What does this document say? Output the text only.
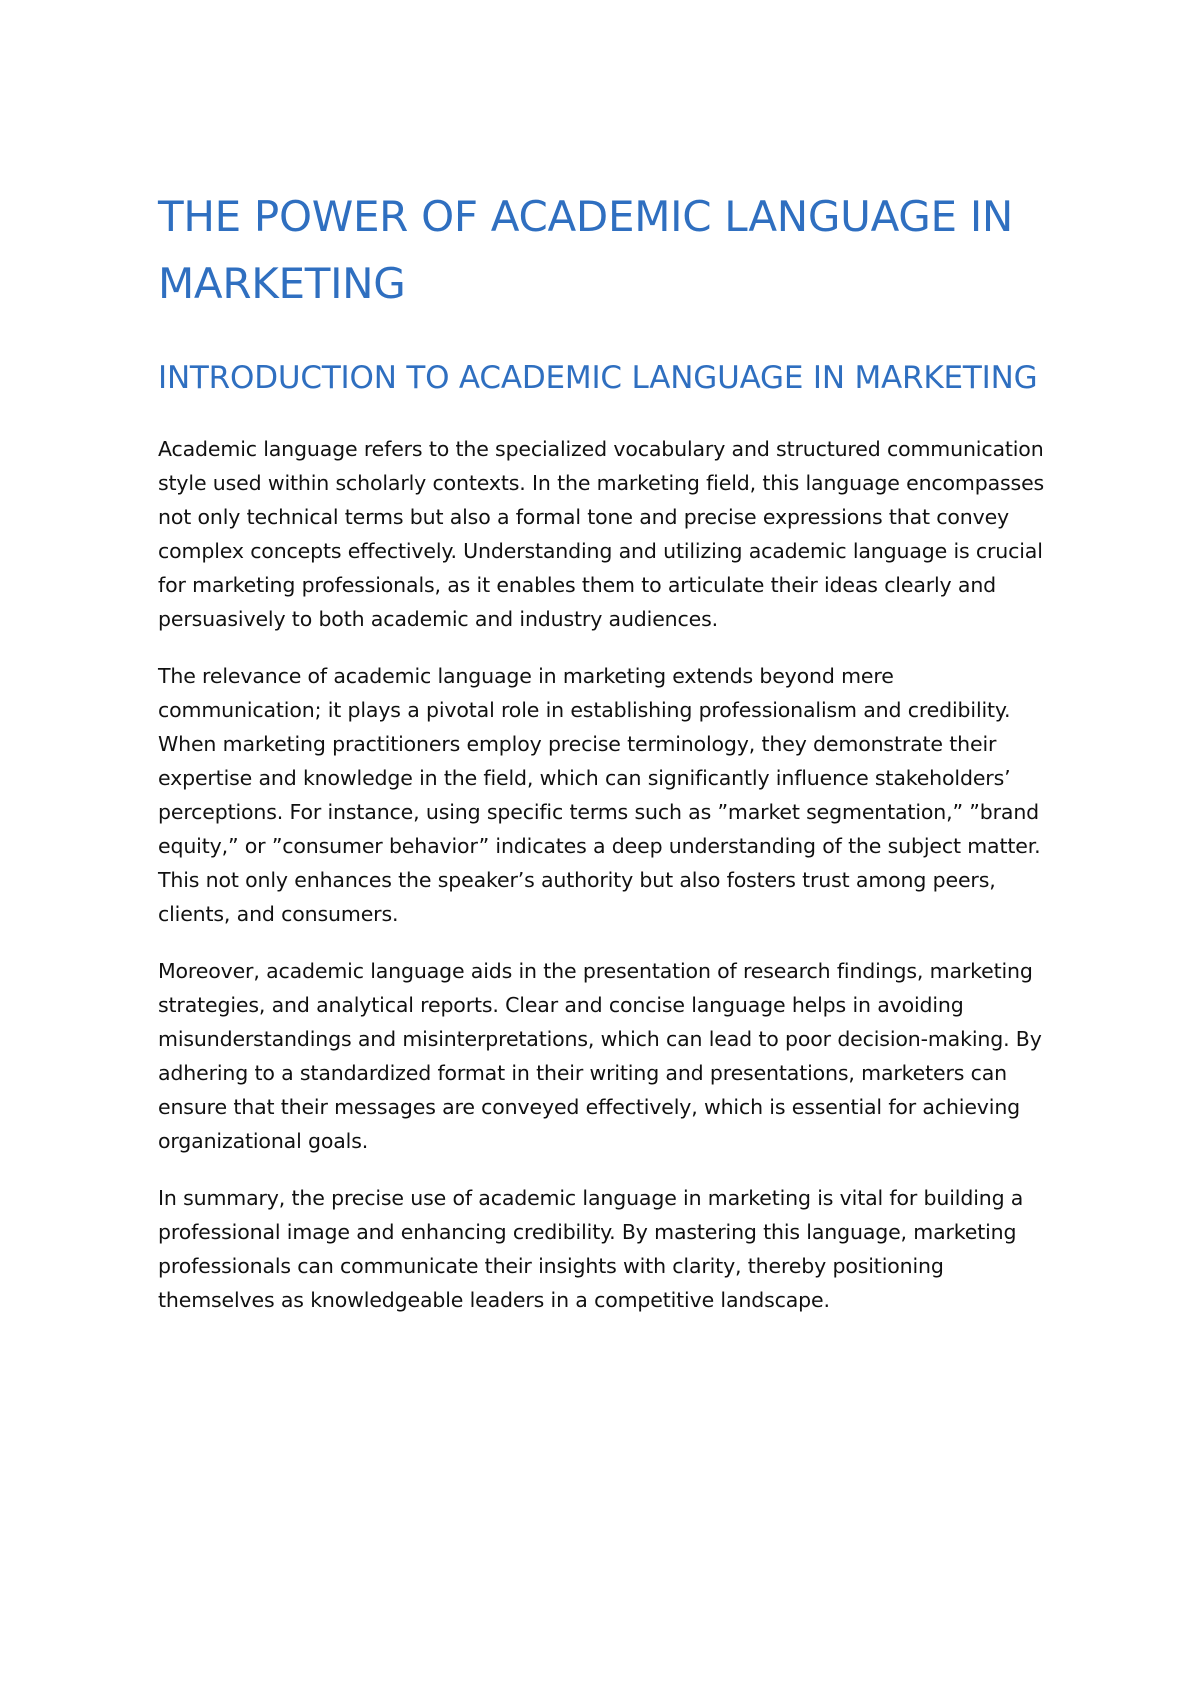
THE POWER OF ACADEMIC LANGUAGE IN MARKETING
INTRODUCTION TO ACADEMIC LANGUAGE IN MARKETING

Academic language refers to the specialized vocabulary and structured communication style used within scholarly contexts. In the marketing field, this language encompasses not only technical terms but also a formal tone and precise expressions that convey complex concepts effectively. Understanding and utilizing academic language is crucial for marketing professionals, as it enables them to articulate their ideas clearly and persuasively to both academic and industry audiences.

The relevance of academic language in marketing extends beyond mere communication; it plays a pivotal role in establishing professionalism and credibility. When marketing practitioners employ precise terminology, they demonstrate their expertise and knowledge in the field, which can significantly influence stakeholders’ perceptions. For instance, using specific terms such as ”market segmentation,” ”brand equity,” or ”consumer behavior” indicates a deep understanding of the subject matter. This not only enhances the speaker’s authority but also fosters trust among peers, clients, and consumers.

Moreover, academic language aids in the presentation of research findings, marketing strategies, and analytical reports. Clear and concise language helps in avoiding misunderstandings and misinterpretations, which can lead to poor decision-making. By adhering to a standardized format in their writing and presentations, marketers can ensure that their messages are conveyed effectively, which is essential for achieving organizational goals.

In summary, the precise use of academic language in marketing is vital for building a professional image and enhancing credibility. By mastering this language, marketing professionals can communicate their insights with clarity, thereby positioning themselves as knowledgeable leaders in a competitive landscape.
